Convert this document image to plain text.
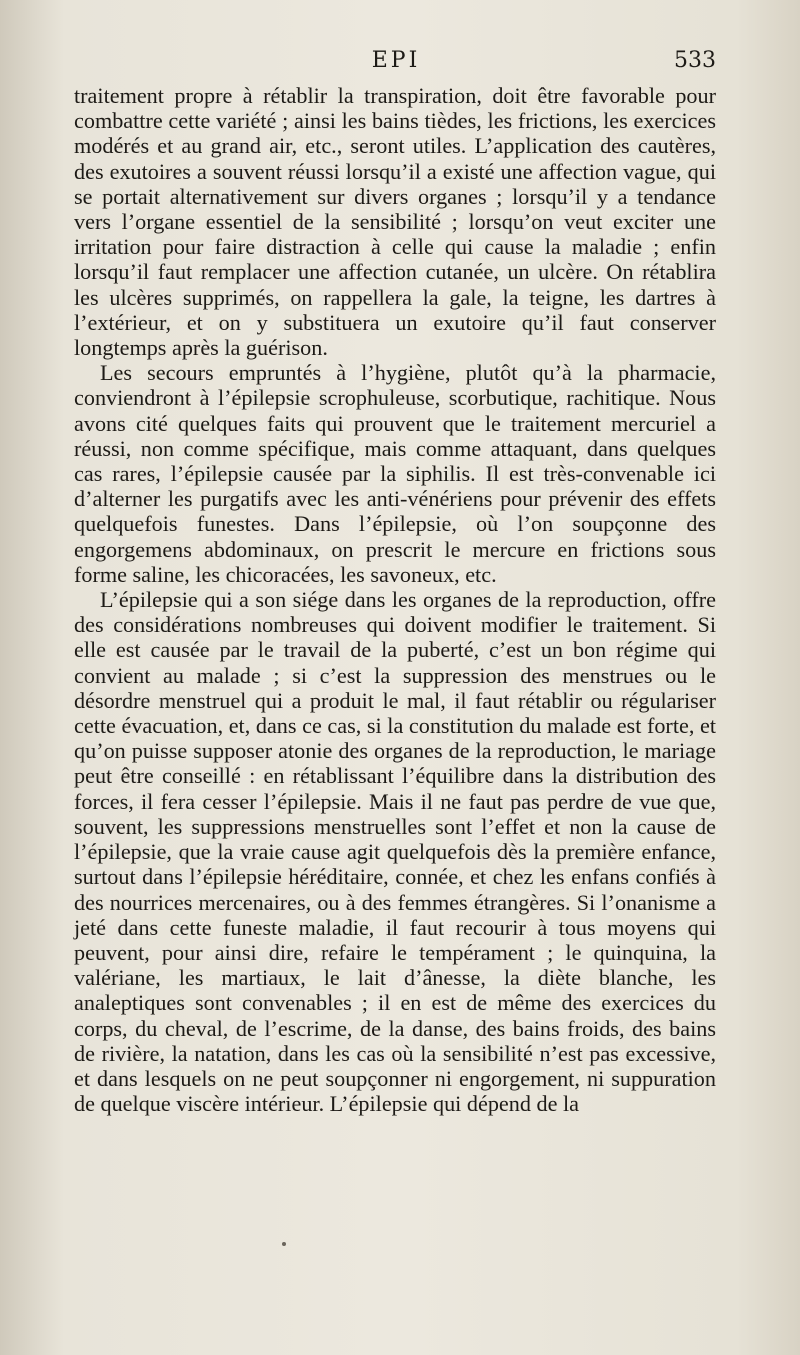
EPI	533

traitement propre à rétablir la transpiration, doit être favorable pour combattre cette variété ; ainsi les bains tièdes, les frictions, les exercices modérés et au grand air, etc., seront utiles. L’application des cautères, des exutoires a souvent réussi lorsqu’il a existé une affection vague, qui se portait alternativement sur divers organes ; lorsqu’il y a tendance vers l’organe essentiel de la sensibilité ; lorsqu’on veut exciter une irritation pour faire distraction à celle qui cause la maladie ; enfin lorsqu’il faut remplacer une affection cutanée, un ulcère. On rétablira les ulcères supprimés, on rappellera la gale, la teigne, les dartres à l’extérieur, et on y substituera un exutoire qu’il faut conserver longtemps après la guérison.

Les secours empruntés à l’hygiène, plutôt qu’à la pharmacie, conviendront à l’épilepsie scrophuleuse, scorbutique, rachitique. Nous avons cité quelques faits qui prouvent que le traitement mercuriel a réussi, non comme spécifique, mais comme attaquant, dans quelques cas rares, l’épilepsie causée par la siphilis. Il est très-convenable ici d’alterner les purgatifs avec les anti-vénériens pour prévenir des effets quelquefois funestes. Dans l’épilepsie, où l’on soupçonne des engorgemens abdominaux, on prescrit le mercure en frictions sous forme saline, les chicoracées, les savoneux, etc.

L’épilepsie qui a son siége dans les organes de la reproduction, offre des considérations nombreuses qui doivent modifier le traitement. Si elle est causée par le travail de la puberté, c’est un bon régime qui convient au malade ; si c’est la suppression des menstrues ou le désordre menstruel qui a produit le mal, il faut rétablir ou régulariser cette évacuation, et, dans ce cas, si la constitution du malade est forte, et qu’on puisse supposer atonie des organes de la reproduction, le mariage peut être conseillé : en rétablissant l’équilibre dans la distribution des forces, il fera cesser l’épilepsie. Mais il ne faut pas perdre de vue que, souvent, les suppressions menstruelles sont l’effet et non la cause de l’épilepsie, que la vraie cause agit quelquefois dès la première enfance, surtout dans l’épilepsie héréditaire, connée, et chez les enfans confiés à des nourrices mercenaires, ou à des femmes étrangères. Si l’onanisme a jeté dans cette funeste maladie, il faut recourir à tous moyens qui peuvent, pour ainsi dire, refaire le tempérament ; le quinquina, la valériane, les martiaux, le lait d’ânesse, la diète blanche, les analeptiques sont convenables ; il en est de même des exercices du corps, du cheval, de l’escrime, de la danse, des bains froids, des bains de rivière, la natation, dans les cas où la sensibilité n’est pas excessive, et dans lesquels on ne peut soupçonner ni engorgement, ni suppuration de quelque viscère intérieur. L’épilepsie qui dépend de la
